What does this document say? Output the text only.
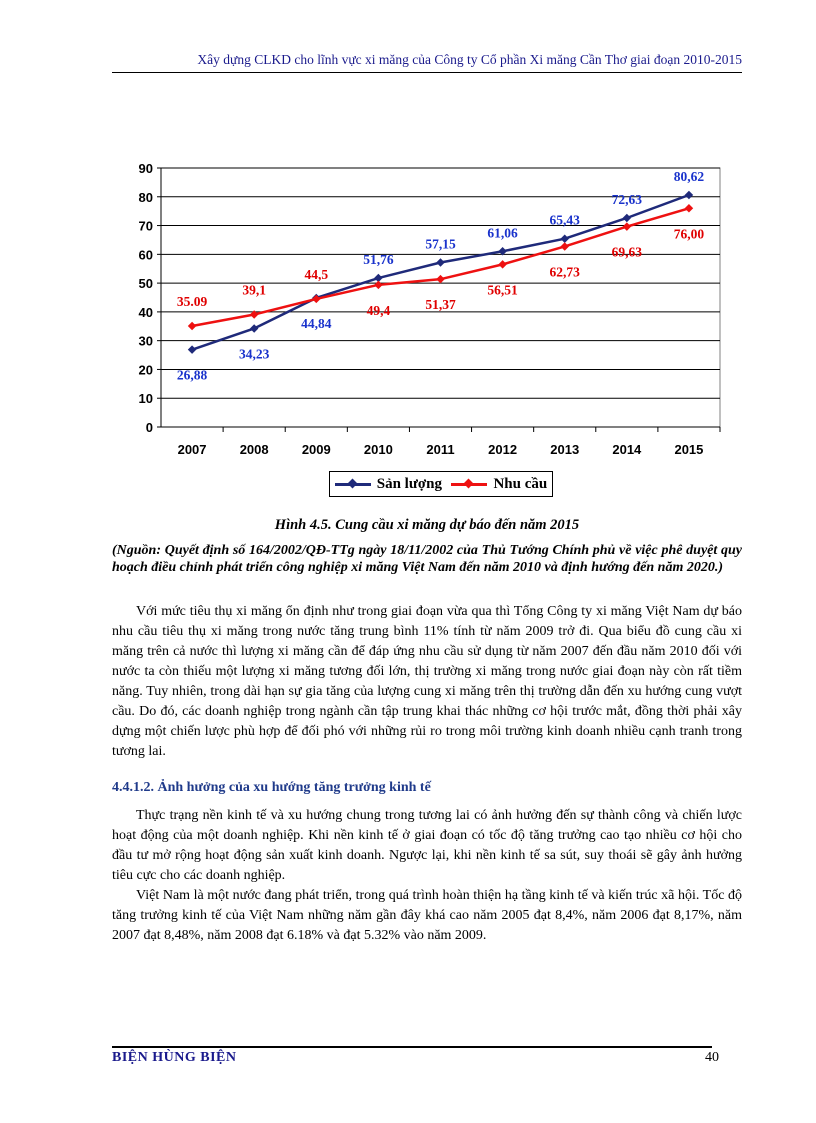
Xây dựng CLKD cho lĩnh vực xi măng của Công ty Cổ phần Xi măng Cần Thơ giai đoạn 2010-2015
0
10
20
30
40
50
60
70
80
90
2007	2008	2009	2010	2011	2012	2013	2014	2015
26,88
34,23
44,84
51,76
57,15
61,06
65,43
72,63
80,62
35.09
39,1
44,5
49,4	51,37
56,51
62,73
69,63
76,00
Sản lượng	Nhu cầu
Hình 4.5. Cung cầu xi măng dự báo đến năm 2015
(Nguồn: Quyết định số 164/2002/QĐ-TTg ngày 18/11/2002 của Thủ Tướng Chính phủ về việc phê duyệt quy hoạch điều chỉnh phát triển công nghiệp xi măng Việt Nam đến năm 2010 và định hướng đến năm 2020.)

Với mức tiêu thụ xi măng ổn định như trong giai đoạn vừa qua thì Tổng Công ty xi măng Việt Nam dự báo nhu cầu tiêu thụ xi măng trong nước tăng trung bình 11% tính từ năm 2009 trở đi. Qua biểu đồ cung cầu xi măng trên cả nước thì lượng xi măng cần để đáp ứng nhu cầu sử dụng từ năm 2007 đến đầu năm 2010 đối với nước ta còn thiếu một lượng xi măng tương đối lớn, thị trường xi măng trong nước giai đoạn này còn rất tiềm năng. Tuy nhiên, trong dài hạn sự gia tăng của lượng cung xi măng trên thị trường dẫn đến xu hướng cung vượt cầu. Do đó, các doanh nghiệp trong ngành cần tập trung khai thác những cơ hội trước mắt, đồng thời phải xây dựng một chiến lược phù hợp để đối phó với những rủi ro trong môi trường kinh doanh nhiều cạnh tranh trong tương lai.

4.4.1.2. Ảnh hưởng của xu hướng tăng trưởng kinh tế

Thực trạng nền kinh tế và xu hướng chung trong tương lai có ảnh hưởng đến sự thành công và chiến lược hoạt động của một doanh nghiệp. Khi nền kinh tế ở giai đoạn có tốc độ tăng trưởng cao tạo nhiều cơ hội cho đầu tư mở rộng hoạt động sản xuất kinh doanh. Ngược lại, khi nền kinh tế sa sút, suy thoái sẽ gây ảnh hưởng tiêu cực cho các doanh nghiệp.

Việt Nam là một nước đang phát triển, trong quá trình hoàn thiện hạ tầng kinh tế và kiến trúc xã hội. Tốc độ tăng trưởng kinh tế của Việt Nam những năm gần đây khá cao năm 2005 đạt 8,4%, năm 2006 đạt 8,17%, năm 2007 đạt 8,48%, năm 2008 đạt 6.18% và đạt 5.32% vào năm 2009.

BIỆN HÙNG BIỆN	40
